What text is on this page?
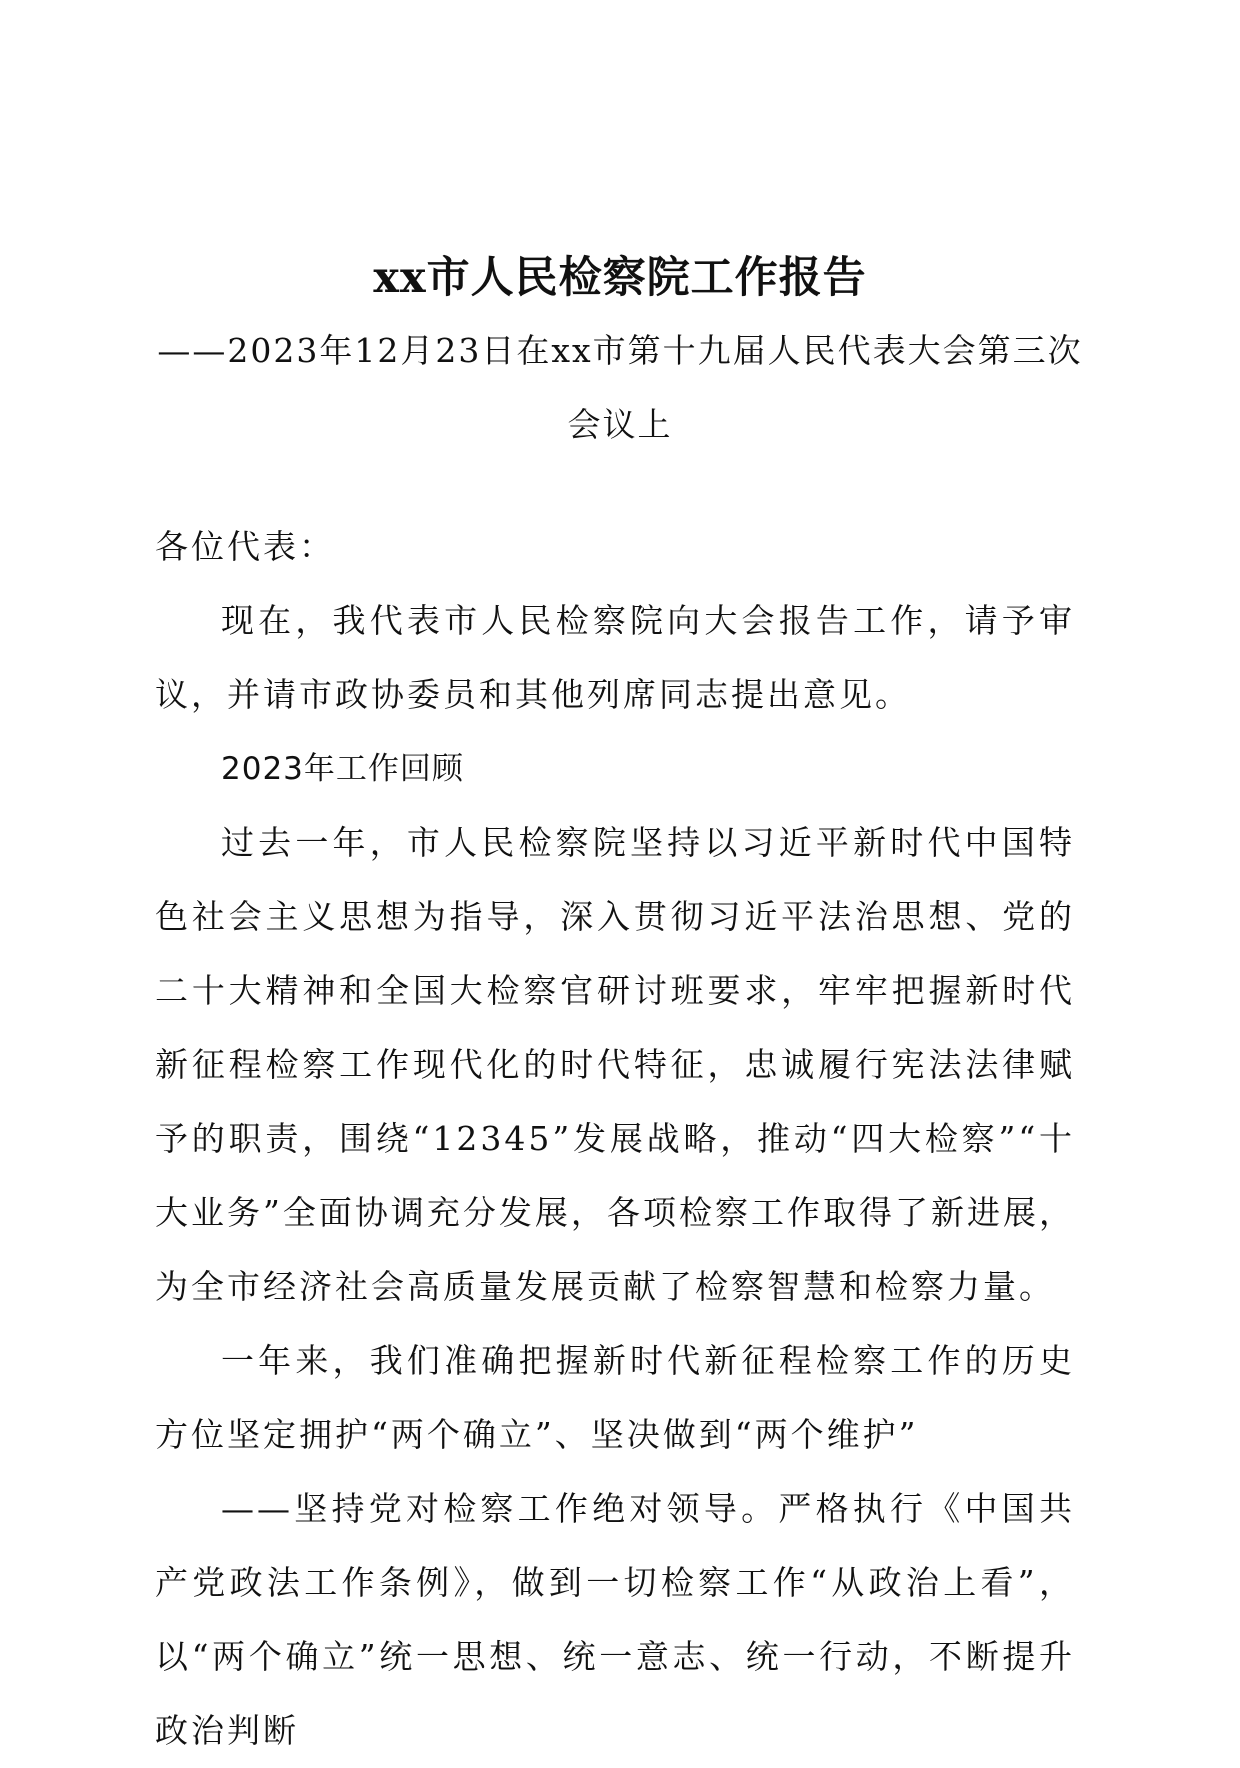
xx市人民检察院工作报告

——2023年12月23日在xx市第十九届人民代表大会第三次会议上

各位代表：

现在，我代表市人民检察院向大会报告工作，请予审议，并请市政协委员和其他列席同志提出意见。

2023年工作回顾

过去一年，市人民检察院坚持以习近平新时代中国特色社会主义思想为指导，深入贯彻习近平法治思想、党的二十大精神和全国大检察官研讨班要求，牢牢把握新时代新征程检察工作现代化的时代特征，忠诚履行宪法法律赋予的职责，围绕“12345”发展战略，推动“四大检察”“十大业务”全面协调充分发展，各项检察工作取得了新进展，为全市经济社会高质量发展贡献了检察智慧和检察力量。

一年来，我们准确把握新时代新征程检察工作的历史方位坚定拥护“两个确立”、坚决做到“两个维护”

——坚持党对检察工作绝对领导。严格执行《中国共产党政法工作条例》，做到一切检察工作“从政治上看”，以“两个确立”统一思想、统一意志、统一行动，不断提升政治判断
